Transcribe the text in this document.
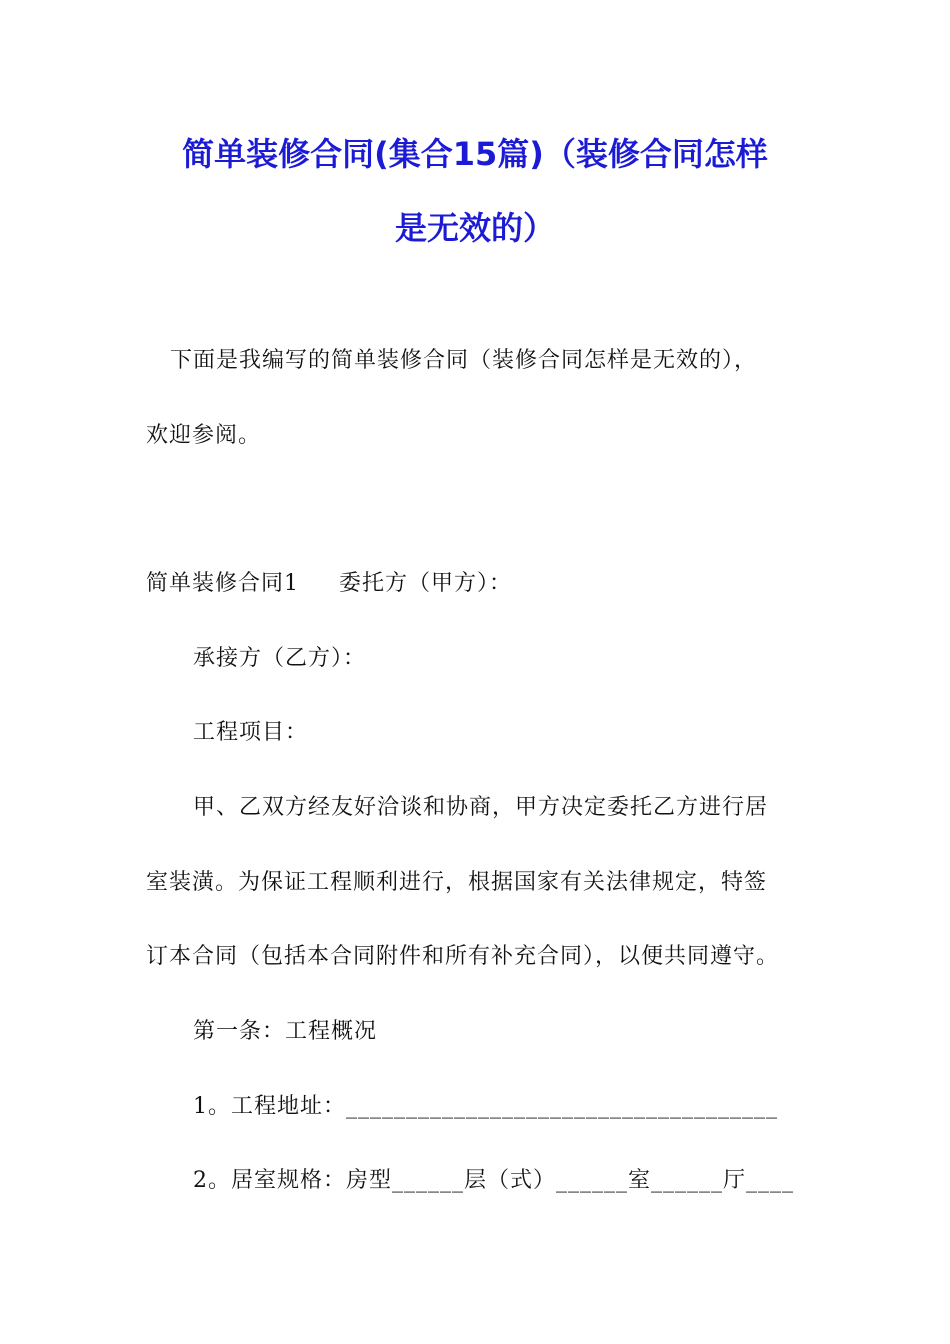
简单装修合同(集合15篇)（装修合同怎样
是无效的）
下面是我编写的简单装修合同（装修合同怎样是无效的），
欢迎参阅。
简单装修合同1 委托方（甲方）：
承接方（乙方）：
工程项目：
甲、乙双方经友好洽谈和协商，甲方决定委托乙方进行居
室装潢。为保证工程顺利进行，根据国家有关法律规定，特签
订本合同（包括本合同附件和所有补充合同），以便共同遵守。
第一条：工程概况
1。工程地址：____________________________________
2。居室规格：房型______层（式）______室______厅____
